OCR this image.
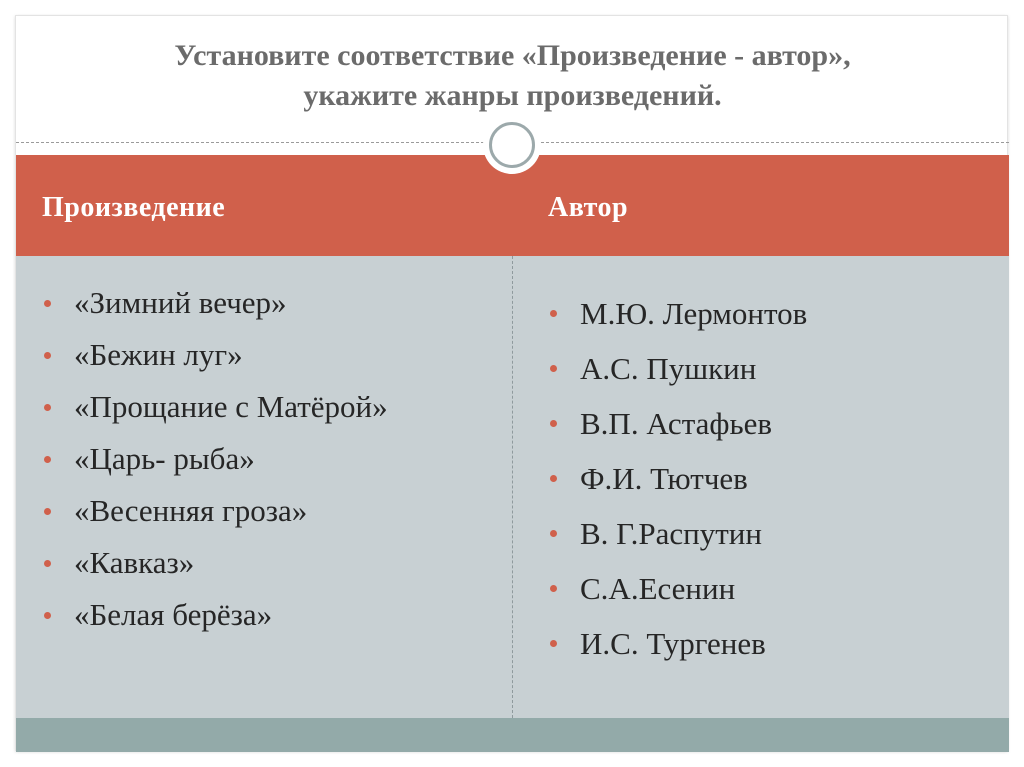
Установите соответствие «Произведение - автор»,
укажите жанры произведений.
Произведение	Автор
«Зимний вечер»
«Бежин луг»
«Прощание с Матёрой»
«Царь- рыба»
«Весенняя гроза»
«Кавказ»
«Белая берёза»
М.Ю. Лермонтов
А.С. Пушкин
В.П. Астафьев
Ф.И. Тютчев
В. Г.Распутин
С.А.Есенин
И.С. Тургенев
